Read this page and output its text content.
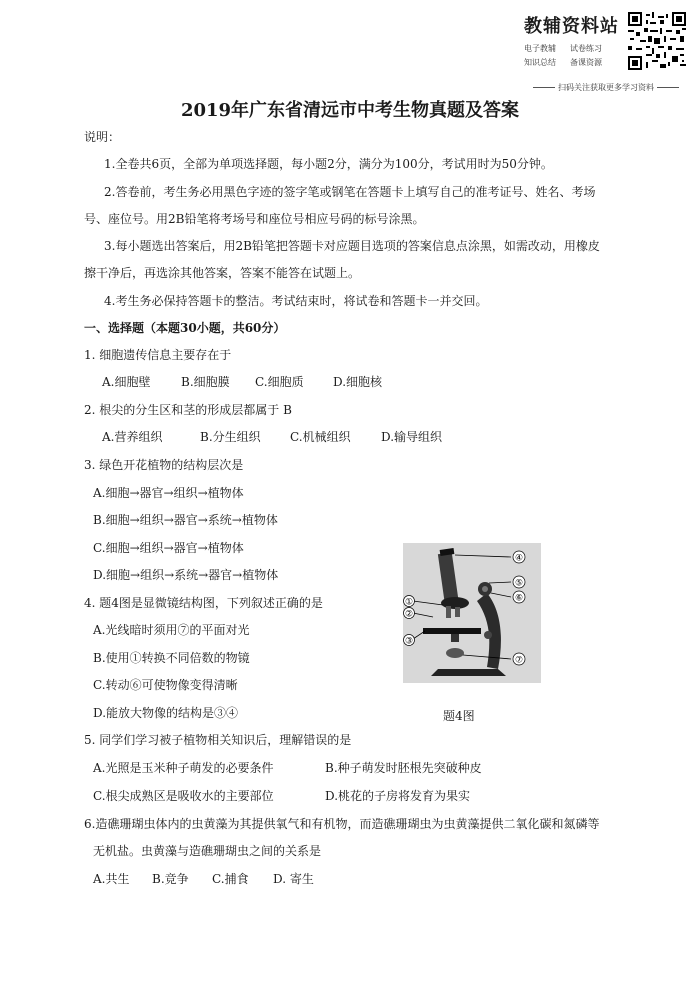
教辅资料站
电子教辅 试卷练习
知识总结 备课资源
扫码关注获取更多学习资料
2019年广东省清远市中考生物真题及答案
说明：
1.全卷共6页，全部为单项选择题，每小题2分，满分为100分，考试用时为50分钟。
2.答卷前，考生务必用黑色字迹的签字笔或钢笔在答题卡上填写自己的准考证号、姓名、考场
号、座位号。用2B铅笔将考场号和座位号相应号码的标号涂黑。
3.每小题选出答案后，用2B铅笔把答题卡对应题目选项的答案信息点涂黑，如需改动，用橡皮
擦干净后，再选涂其他答案，答案不能答在试题上。
4.考生务必保持答题卡的整洁。考试结束时，将试卷和答题卡一并交回。
一、选择题（本题30小题，共60分）
1. 细胞遗传信息主要存在于
A.细胞壁	B.细胞膜 C.细胞质 D.细胞核
2. 根尖的分生区和茎的形成层都属于 B
A.营养组织	B.分生组织 C.机械组织	D.输导组织
3. 绿色开花植物的结构层次是
A.细胞→器官→组织→植物体
B.细胞→组织→器官→系统→植物体
C.细胞→组织→器官→植物体
D.细胞→组织→系统→器官→植物体
4. 题4图是显微镜结构图，下列叙述正确的是
A.光线暗时须用⑦的平面对光
B.使用①转换不同倍数的物镜
C.转动⑥可使物像变得清晰
D.能放大物像的结构是③④
④
⑤
⑥
①
②
③
⑦
题4图
5. 同学们学习被子植物相关知识后，理解错误的是
A.光照是玉米种子萌发的必要条件	B.种子萌发时胚根先突破种皮
C.根尖成熟区是吸收水的主要部位	D.桃花的子房将发育为果实
6.造礁珊瑚虫体内的虫黄藻为其提供氧气和有机物，而造礁珊瑚虫为虫黄藻提供二氧化碳和氮磷等
无机盐。虫黄藻与造礁珊瑚虫之间的关系是
A.共生 B.竞争 C.捕食 D. 寄生
